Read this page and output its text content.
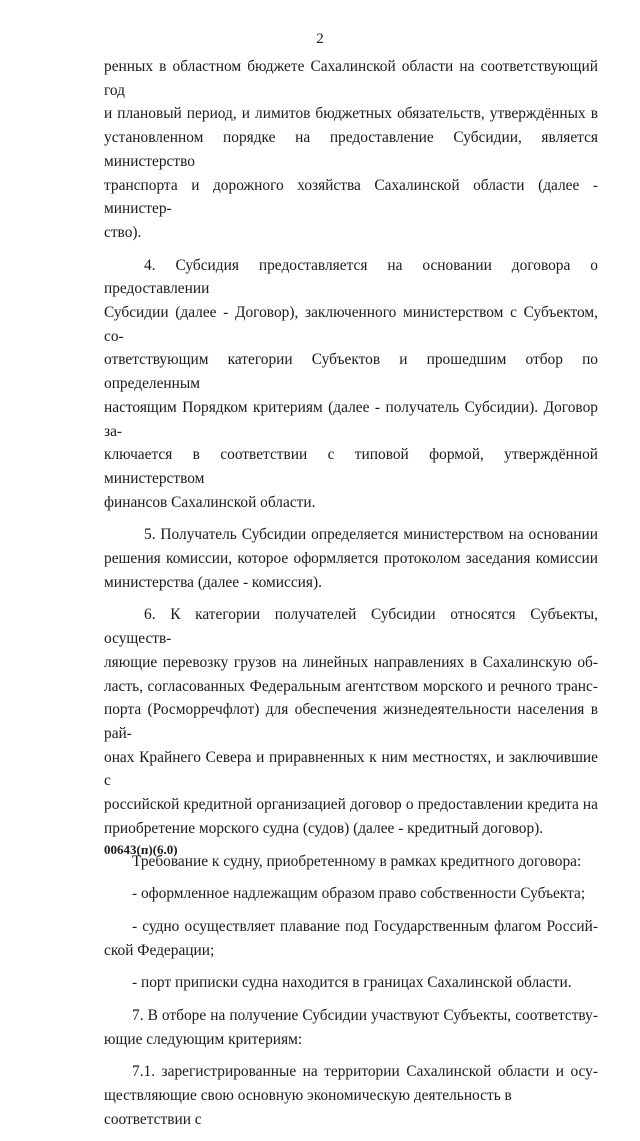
2

ренных в областном бюджете Сахалинской области на соответствующий год
и плановый период, и лимитов бюджетных обязательств, утверждённых в
установленном порядке на предоставление Субсидии, является министерство
транспорта и дорожного хозяйства Сахалинской области (далее - министер-
ство).

4. Субсидия предоставляется на основании договора о предоставлении
Субсидии (далее - Договор), заключенного министерством с Субъектом, со-
ответствующим категории Субъектов и прошедшим отбор по определенным
настоящим Порядком критериям (далее - получатель Субсидии). Договор за-
ключается в соответствии с типовой формой, утверждённой министерством
финансов Сахалинской области.

5. Получатель Субсидии определяется министерством на основании
решения комиссии, которое оформляется протоколом заседания комиссии
министерства (далее - комиссия).

6. К категории получателей Субсидии относятся Субъекты, осуществ-
ляющие перевозку грузов на линейных направлениях в Сахалинскую об-
ласть, согласованных Федеральным агентством морского и речного транс-
порта (Росморречфлот) для обеспечения жизнедеятельности населения в рай-
онах Крайнего Севера и приравненных к ним местностях, и заключившие с
российской кредитной организацией договор о предоставлении кредита на
приобретение морского судна (судов) (далее - кредитный договор).

Требование к судну, приобретенному в рамках кредитного договора:

- оформленное надлежащим образом право собственности Субъекта;

- судно осуществляет плавание под Государственным флагом Россий-
ской Федерации;

- порт приписки судна находится в границах Сахалинской области.

7. В отборе на получение Субсидии участвуют Субъекты, соответству-
ющие следующим критериям:

7.1. зарегистрированные на территории Сахалинской области и осу-
ществляющие свою основную экономическую деятельность в соответствии с

00643(п)(6.0)
